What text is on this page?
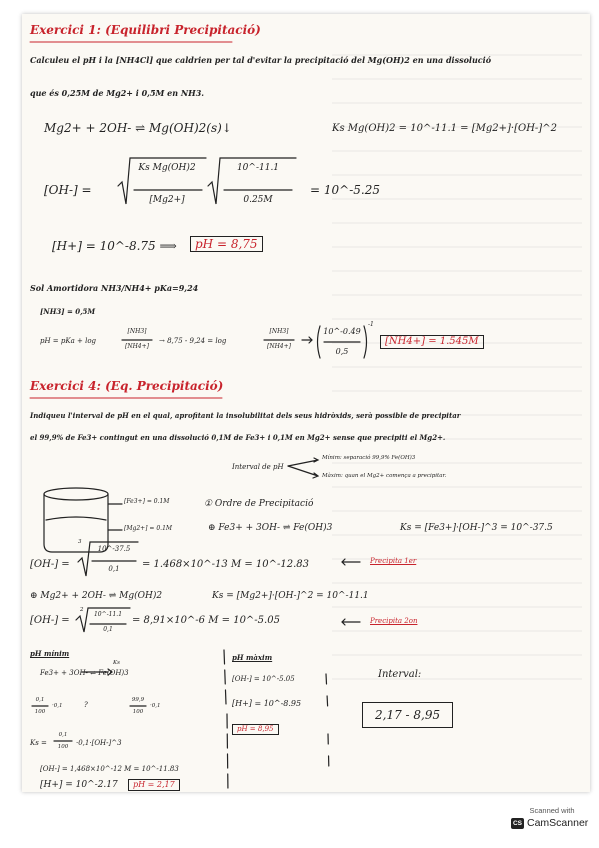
Exercici 1: (Equilibri Precipitació)
Calculeu el pH i la [NH4Cl] que caldrien per tal d'evitar la precipitació del Mg(OH)2 en una dissolució
que és 0,25M de Mg2+ i 0,5M en NH3.
Mg2+ + 2OH- ⇌ Mg(OH)2(s)↓	Ks Mg(OH)2 = 10^-11.1 = [Mg2+]·[OH-]^2
[OH-] =
Ks Mg(OH)2
[Mg2+]
10^-11.1
0.25M
= 10^-5.25
[H+] = 10^-8.75 ⟹	pH = 8,75
Sol Amortidora NH3/NH4+ pKa=9,24
[NH3] = 0,5M
pH = pKa + log
[NH3]
[NH4+]
→ 8,75 - 9,24 = log
[NH3]
[NH4+]
10^-0.49
0,5
-1
[NH4+] = 1.545M
Exercici 4: (Eq. Precipitació)
Indiqueu l'interval de pH en el qual, aprofitant la insolubilitat dels seus hidròxids, serà possible de precipitar
el 99,9% de Fe3+ contingut en una dissolució 0,1M de Fe3+ i 0,1M en Mg2+ sense que precipiti el Mg2+.
Interval de pH
Mínim: separació 99,9% Fe(OH)3
Màxim: quan el Mg2+ comença a precipitar.
[Fe3+] = 0.1M
[Mg2+] = 0.1M
① Ordre de Precipitació
⊕ Fe3+ + 3OH- ⇌ Fe(OH)3	Ks = [Fe3+]·[OH-]^3 = 10^-37.5
[OH-] =
3
10^-37.5
0,1	= 1.468×10^-13 M = 10^-12.83	Precipita 1er
⊕ Mg2+ + 2OH- ⇌ Mg(OH)2	Ks = [Mg2+]·[OH-]^2 = 10^-11.1
[OH-] =
2
10^-11.1
0,1
= 8,91×10^-6 M = 10^-5.05	Precipita 2on
pH mínim
Fe3+ + 3OH- ⇌ Fe(OH)3
Ks
0,1
100
·0,1	?
99,9
100
·0,1
Ks =
0,1
100	·0,1·[OH-]^3
[OH-] = 1,468×10^-12 M = 10^-11.83
[H+] = 10^-2.17	pH = 2,17
pH màxim
[OH-] = 10^-5.05
[H+] = 10^-8.95
pH = 8,95
Interval:
2,17 - 8,95
Scanned with
CS CamScanner
